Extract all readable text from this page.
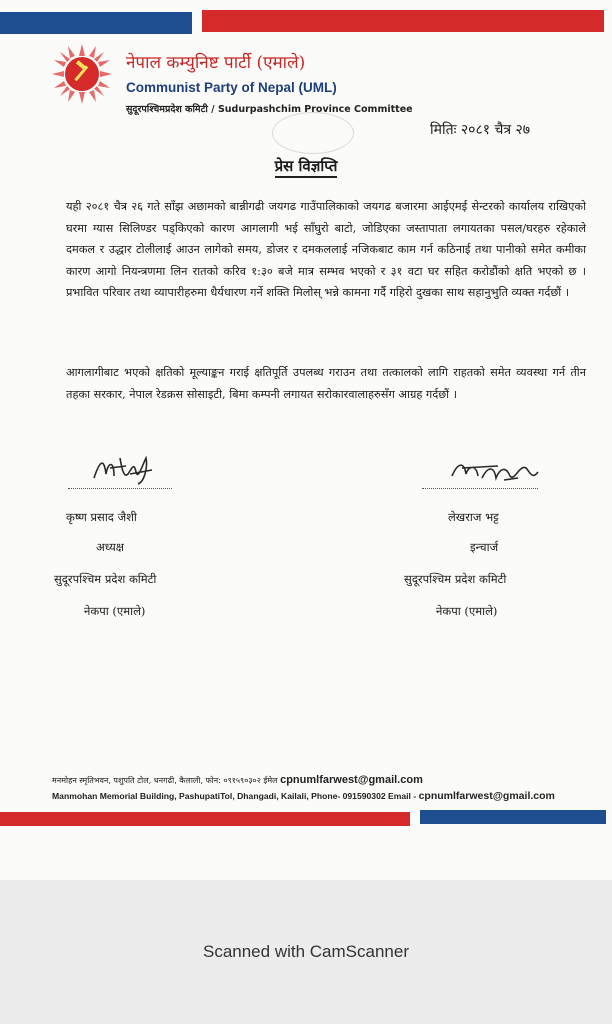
नेपाल कम्युनिष्ट पार्टी (एमाले)
Communist Party of Nepal (UML)
सुदूरपश्चिमप्रदेश कमिटी / Sudurpashchim Province Committee
मितिः २०८१ चैत्र २७
प्रेस विज्ञप्ति
यही २०८१ चैत्र २६ गते साँझ अछामको बान्नीगढी जयगढ गाउँपालिकाको जयगढ बजारमा आईएमई सेन्टरको कार्यालय राखिएको घरमा ग्यास सिलिण्डर पड्किएको कारण आगलागी भई साँघुरो बाटो, जोडिएका जस्तापाता लगायतका पसल/घरहरु रहेकाले दमकल र उद्धार टोलीलाई आउन लागेको समय, डोजर र दमकललाई नजिकबाट काम गर्न कठिनाई तथा पानीको समेत कमीका कारण आगो नियन्त्रणमा लिन रातको करिव १:३० बजे मात्र सम्भव भएको र ३१ वटा घर सहित करोडौंको क्षति भएको छ । प्रभावित परिवार तथा व्यापारीहरुमा धैर्यधारण गर्ने शक्ति मिलोस् भन्ने कामना गर्दै गहिरो दुखका साथ सहानुभुति व्यक्त गर्दछौं ।
आगलागीबाट भएको क्षतिको मूल्याङ्कन गराई क्षतिपूर्ति उपलब्ध गराउन तथा तत्कालको लागि राहतको समेत व्यवस्था गर्न तीन तहका सरकार, नेपाल रेडक्रस सोसाइटी, बिमा कम्पनी लगायत सरोकारवालाहरुसँग आग्रह गर्दछौं ।
कृष्ण प्रसाद जैशी
अध्यक्ष
सुदूरपश्चिम प्रदेश कमिटी
नेकपा (एमाले)
लेखराज भट्ट
इन्चार्ज
सुदूरपश्चिम प्रदेश कमिटी
नेकपा (एमाले)
मनमोहन स्मृतिभवन, पशुपति टोल, धनगढी, कैलाली, फोन: ०९१५९०३०२ ईमेल cpnumlfarwest@gmail.com
Manmohan Memorial Building, PashupatiTol, Dhangadi, Kailali, Phone- 091590302 Email - cpnumlfarwest@gmail.com
Scanned with CamScanner
